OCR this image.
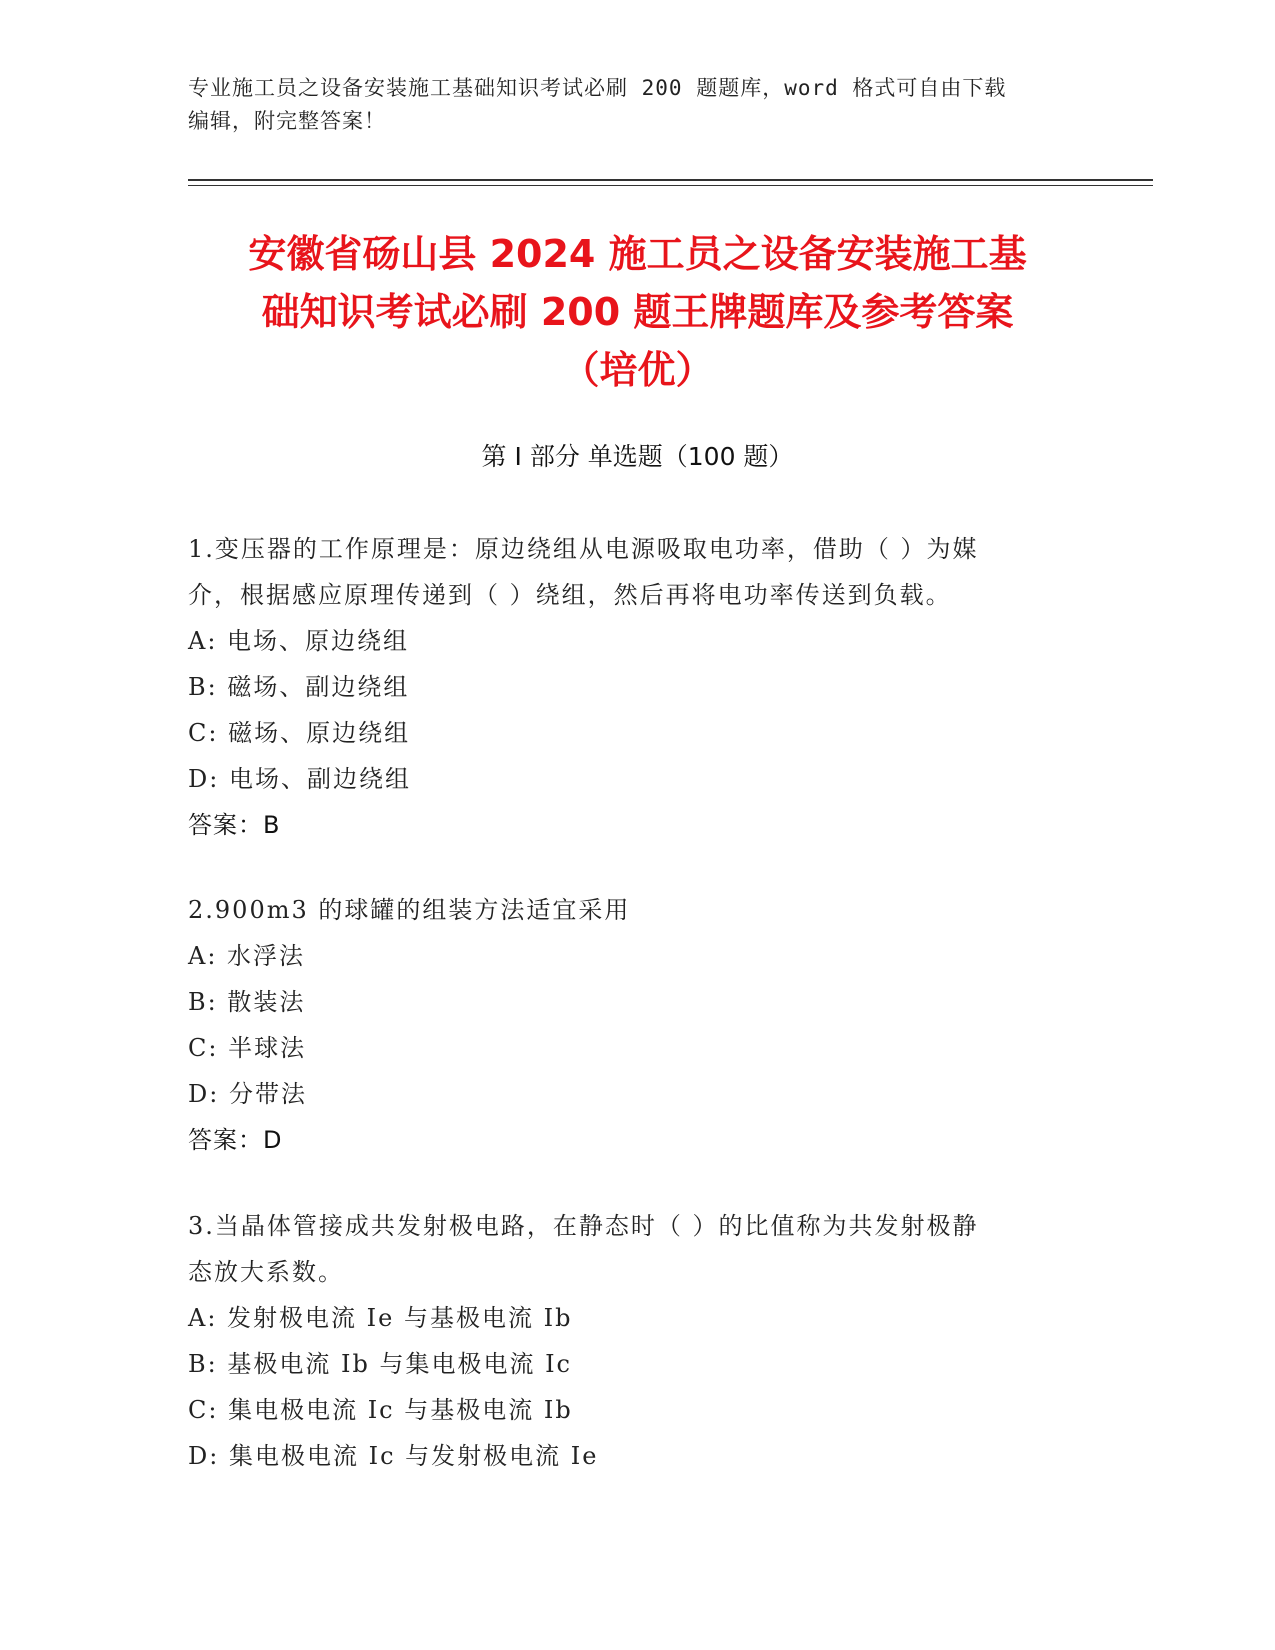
专业施工员之设备安装施工基础知识考试必刷 200 题题库，word 格式可自由下载
编辑，附完整答案！
安徽省砀山县 2024 施工员之设备安装施工基
础知识考试必刷 200 题王牌题库及参考答案
（培优）
第 I 部分 单选题（100 题）
1.变压器的工作原理是：原边绕组从电源吸取电功率，借助（ ）为媒
介，根据感应原理传递到（ ）绕组，然后再将电功率传送到负载。
A: 电场、原边绕组
B: 磁场、副边绕组
C: 磁场、原边绕组
D: 电场、副边绕组
答案：B
2.900m3 的球罐的组装方法适宜采用
A: 水浮法
B: 散装法
C: 半球法
D: 分带法
答案：D
3.当晶体管接成共发射极电路，在静态时（ ）的比值称为共发射极静
态放大系数。
A: 发射极电流 Ie 与基极电流 Ib
B: 基极电流 Ib 与集电极电流 Ic
C: 集电极电流 Ic 与基极电流 Ib
D: 集电极电流 Ic 与发射极电流 Ie
